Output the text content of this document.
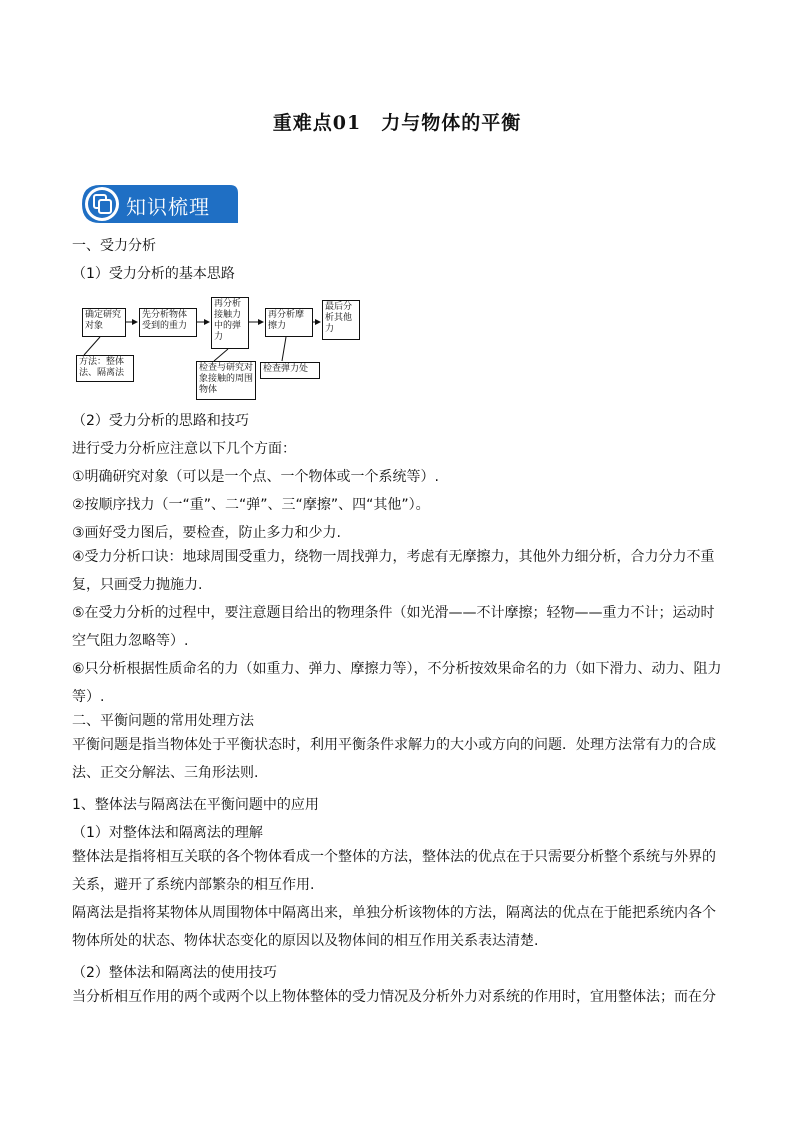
重难点01　力与物体的平衡
知识梳理
一、受力分析
（1）受力分析的基本思路
确定研究对象
先分析物体受到的重力
再分析接触力中的弹力
再分析摩擦力
最后分析其他力
方法：整体法、隔离法	检查与研究对象接触的周围物体
检查弹力处
（2）受力分析的思路和技巧
进行受力分析应注意以下几个方面：
①明确研究对象（可以是一个点、一个物体或一个系统等）.
②按顺序找力（一“重”、二“弹”、三“摩擦”、四“其他”）。
③画好受力图后，要检查，防止多力和少力.
④受力分析口诀：地球周围受重力，绕物一周找弹力，考虑有无摩擦力，其他外力细分析，合力分力不重复，只画受力抛施力.
⑤在受力分析的过程中，要注意题目给出的物理条件（如光滑——不计摩擦；轻物——重力不计；运动时空气阻力忽略等）.
⑥只分析根据性质命名的力（如重力、弹力、摩擦力等），不分析按效果命名的力（如下滑力、动力、阻力等）.
二、平衡问题的常用处理方法
平衡问题是指当物体处于平衡状态时，利用平衡条件求解力的大小或方向的问题．处理方法常有力的合成法、正交分解法、三角形法则.
1、整体法与隔离法在平衡问题中的应用
（1）对整体法和隔离法的理解
整体法是指将相互关联的各个物体看成一个整体的方法，整体法的优点在于只需要分析整个系统与外界的关系，避开了系统内部繁杂的相互作用.
隔离法是指将某物体从周围物体中隔离出来，单独分析该物体的方法，隔离法的优点在于能把系统内各个物体所处的状态、物体状态变化的原因以及物体间的相互作用关系表达清楚.
（2）整体法和隔离法的使用技巧
当分析相互作用的两个或两个以上物体整体的受力情况及分析外力对系统的作用时，宜用整体法；而在分
